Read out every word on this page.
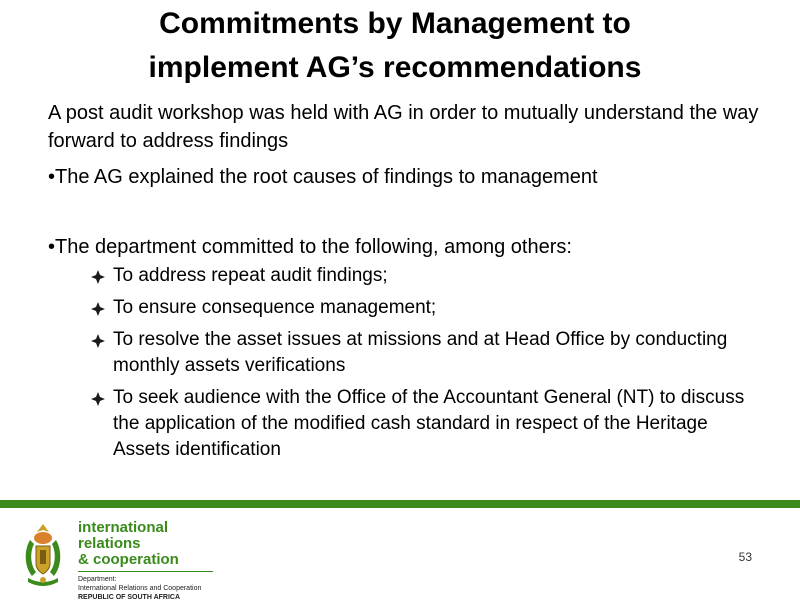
Commitments by Management to
implement AG’s recommendations

A post audit workshop was held with AG in order to mutually understand the way forward to address findings

•The AG explained the root causes of findings to management

•The department committed to the following, among others:

To address repeat audit findings;
To ensure consequence management;
To resolve the asset issues at missions and at Head Office by conducting monthly assets verifications
To seek audience with the Office of the Accountant General (NT) to discuss the application of the modified cash standard in respect of the Heritage Assets identification
international relations
& cooperation
Department:
International Relations and Cooperation
REPUBLIC OF SOUTH AFRICA
53
